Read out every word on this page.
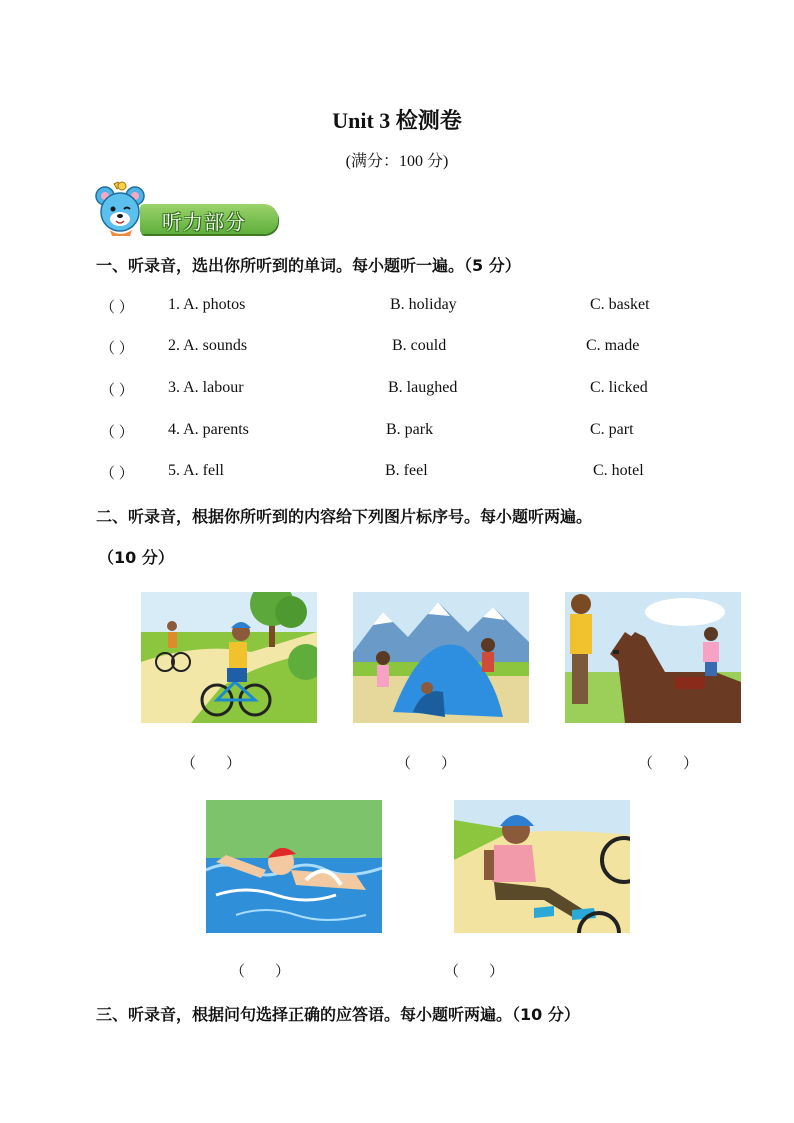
Unit 3 检测卷
(满分：100 分)
听力部分
一、听录音，选出你所听到的单词。每小题听一遍。（5 分）
（ ） 1. A. photos	B. holiday	C. basket
（ ） 2. A. sounds	B. could	C. made
（ ） 3. A. labour	B. laughed	C. licked
（ ） 4. A. parents	B. park	C. part
（ ） 5. A. fell	B. feel	C. hotel
二、听录音，根据你所听到的内容给下列图片标序号。每小题听两遍。
（10 分）
（        ）	（        ）	（        ）
（        ）	（        ）
三、听录音，根据问句选择正确的应答语。每小题听两遍。（10 分）
